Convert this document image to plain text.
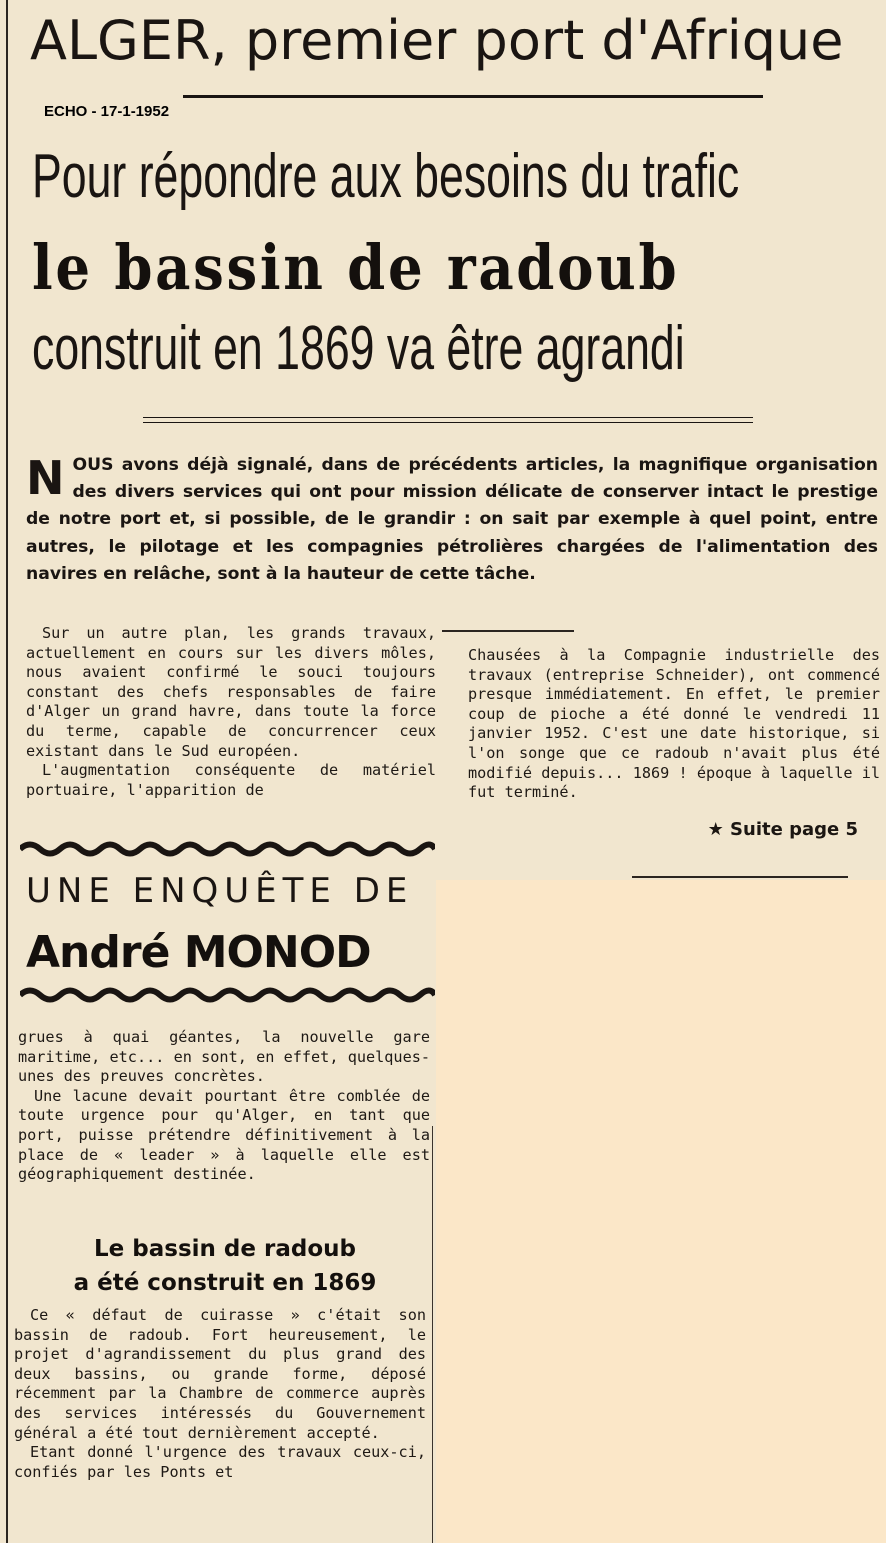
ALGER, premier port d'Afrique
ECHO - 17-1-1952
Pour répondre aux besoins du trafic
le bassin de radoub
construit en 1869 va être agrandi
NOUS avons déjà signalé, dans de précédents articles, la magnifique organisation des divers services qui ont pour mission délicate de conserver intact le prestige de notre port et, si possible, de le grandir : on sait par exemple à quel point, entre autres, le pilotage et les compagnies pétrolières chargées de l'alimentation des navires en relâche, sont à la hauteur de cette tâche.

Sur un autre plan, les grands travaux, actuellement en cours sur les divers môles, nous avaient confirmé le souci toujours constant des chefs responsables de faire d'Alger un grand havre, dans toute la force du terme, capable de concurrencer ceux existant dans le Sud européen.

L'augmentation conséquente de matériel portuaire, l'apparition de

Chausées à la Compagnie industrielle des travaux (entreprise Schneider), ont commencé presque immédiatement. En effet, le premier coup de pioche a été donné le vendredi 11 janvier 1952. C'est une date historique, si l'on songe que ce radoub n'avait plus été modifié depuis... 1869 ! époque à laquelle il fut terminé.

★ Suite page 5
UNE ENQUÊTE DE
André MONOD

grues à quai géantes, la nouvelle gare maritime, etc... en sont, en effet, quelques-unes des preuves concrètes.

Une lacune devait pourtant être comblée de toute urgence pour qu'Alger, en tant que port, puisse prétendre définitivement à la place de « leader » à laquelle elle est géographiquement destinée.

Le bassin de radoub
a été construit en 1869

Ce « défaut de cuirasse » c'était son bassin de radoub. Fort heureusement, le projet d'agrandissement du plus grand des deux bassins, ou grande forme, déposé récemment par la Chambre de commerce auprès des services intéressés du Gouvernement général a été tout dernièrement accepté.

Etant donné l'urgence des travaux ceux-ci, confiés par les Ponts et
